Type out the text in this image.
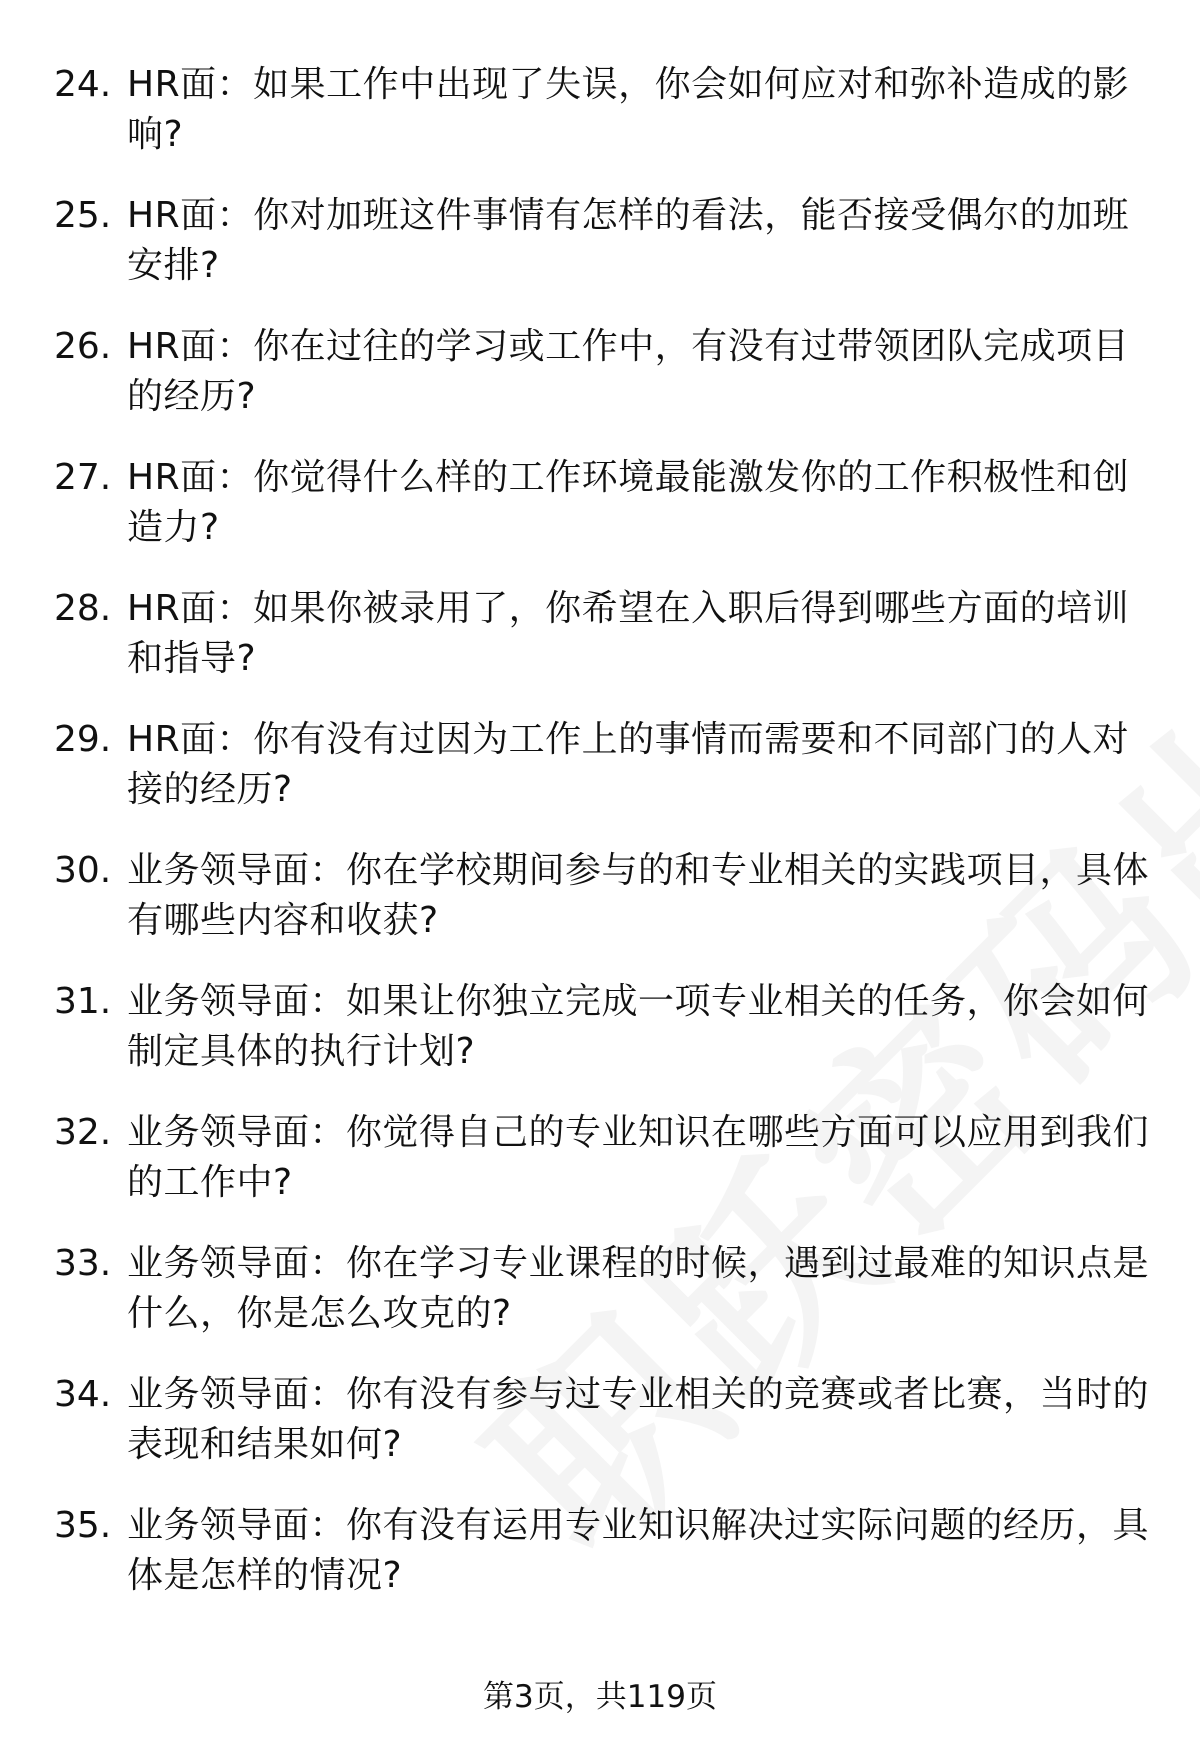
24. HR面：如果工作中出现了失误，你会如何应对和弥补造成的影响?
25. HR面：你对加班这件事情有怎样的看法，能否接受偶尔的加班安排?
26. HR面：你在过往的学习或工作中，有没有过带领团队完成项目的经历?
27. HR面：你觉得什么样的工作环境最能激发你的工作积极性和创造力?
28. HR面：如果你被录用了，你希望在入职后得到哪些方面的培训和指导?
29. HR面：你有没有过因为工作上的事情而需要和不同部门的人对接的经历?
30. 业务领导面：你在学校期间参与的和专业相关的实践项目，具体有哪些内容和收获?
31. 业务领导面：如果让你独立完成一项专业相关的任务，你会如何制定具体的执行计划?
32. 业务领导面：你觉得自己的专业知识在哪些方面可以应用到我们的工作中?
33. 业务领导面：你在学习专业课程的时候，遇到过最难的知识点是什么，你是怎么攻克的?
34. 业务领导面：你有没有参与过专业相关的竞赛或者比赛，当时的表现和结果如何?
35. 业务领导面：你有没有运用专业知识解决过实际问题的经历，具体是怎样的情况?
第3页，共119页
